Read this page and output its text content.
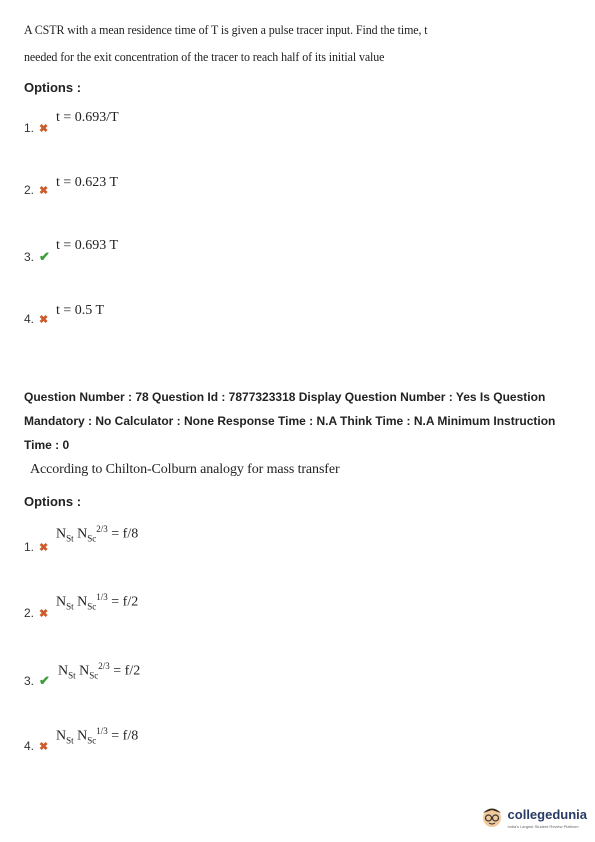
A CSTR with a mean residence time of T is given a pulse tracer input. Find the time, t
needed for the exit concentration of the tracer to reach half of its initial value
Options :
1. ✖
t = 0.693/T
2. ✖
t = 0.623 T
3. ✔
t = 0.693 T
4. ✖
t = 0.5 T
Question Number : 78 Question Id : 7877323318 Display Question Number : Yes Is Question
Mandatory : No Calculator : None Response Time : N.A Think Time : N.A Minimum Instruction
Time : 0
According to Chilton-Colburn analogy for mass transfer
Options :
1. ✖
$N_{St}$ $N_{Sc}^{2/3} = f/8$
2. ✖
$N_{St}$ $N_{Sc}^{1/3} = f/2$
3. ✔
$N_{St}$ $N_{Sc}^{2/3} = f/2$
4. ✖
$N_{St}$ $N_{Sc}^{1/3} = f/8$
collegedunia
India's Largest Student Review Platform
